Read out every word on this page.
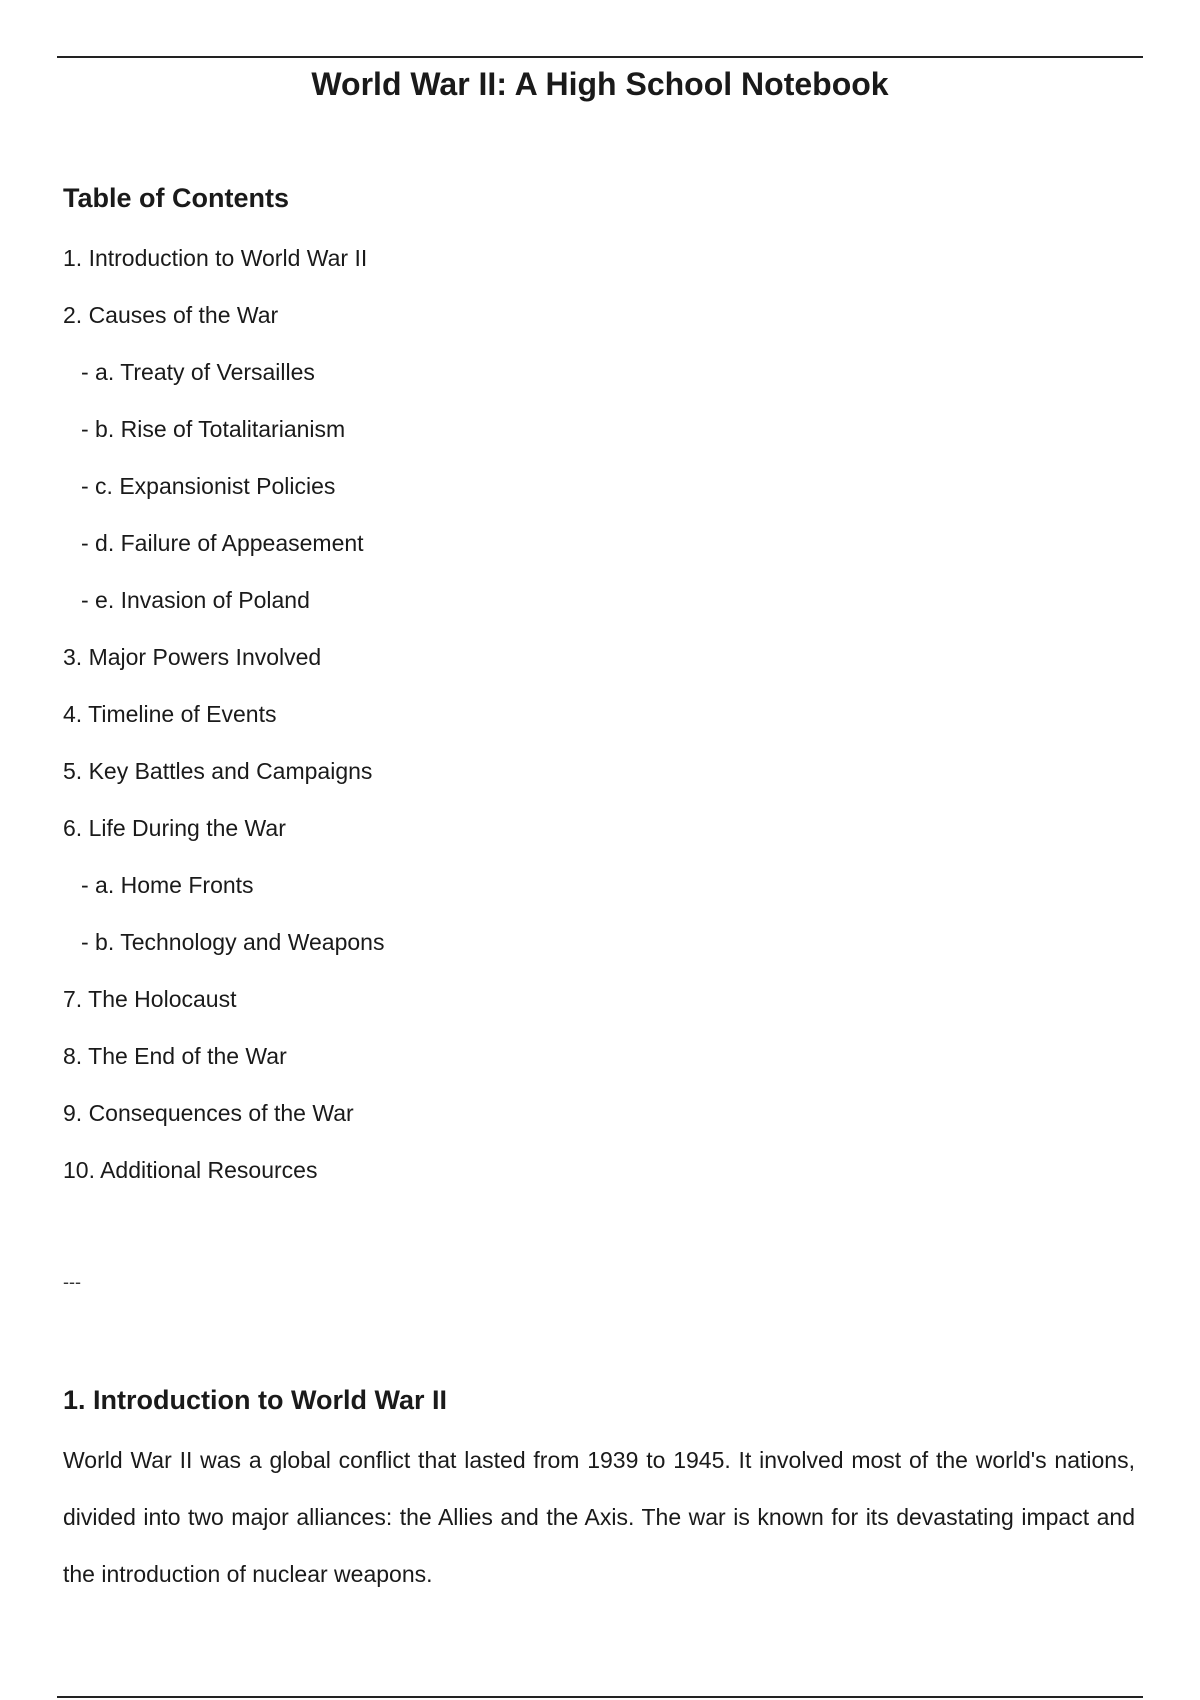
World War II: A High School Notebook
Table of Contents
1. Introduction to World War II
2. Causes of the War
- a. Treaty of Versailles
- b. Rise of Totalitarianism
- c. Expansionist Policies
- d. Failure of Appeasement
- e. Invasion of Poland
3. Major Powers Involved
4. Timeline of Events
5. Key Battles and Campaigns
6. Life During the War
- a. Home Fronts
- b. Technology and Weapons
7. The Holocaust
8. The End of the War
9. Consequences of the War
10. Additional Resources
---
1. Introduction to World War II

World War II was a global conflict that lasted from 1939 to 1945. It involved most of the world's nations, divided into two major alliances: the Allies and the Axis. The war is known for its devastating impact and the introduction of nuclear weapons.
